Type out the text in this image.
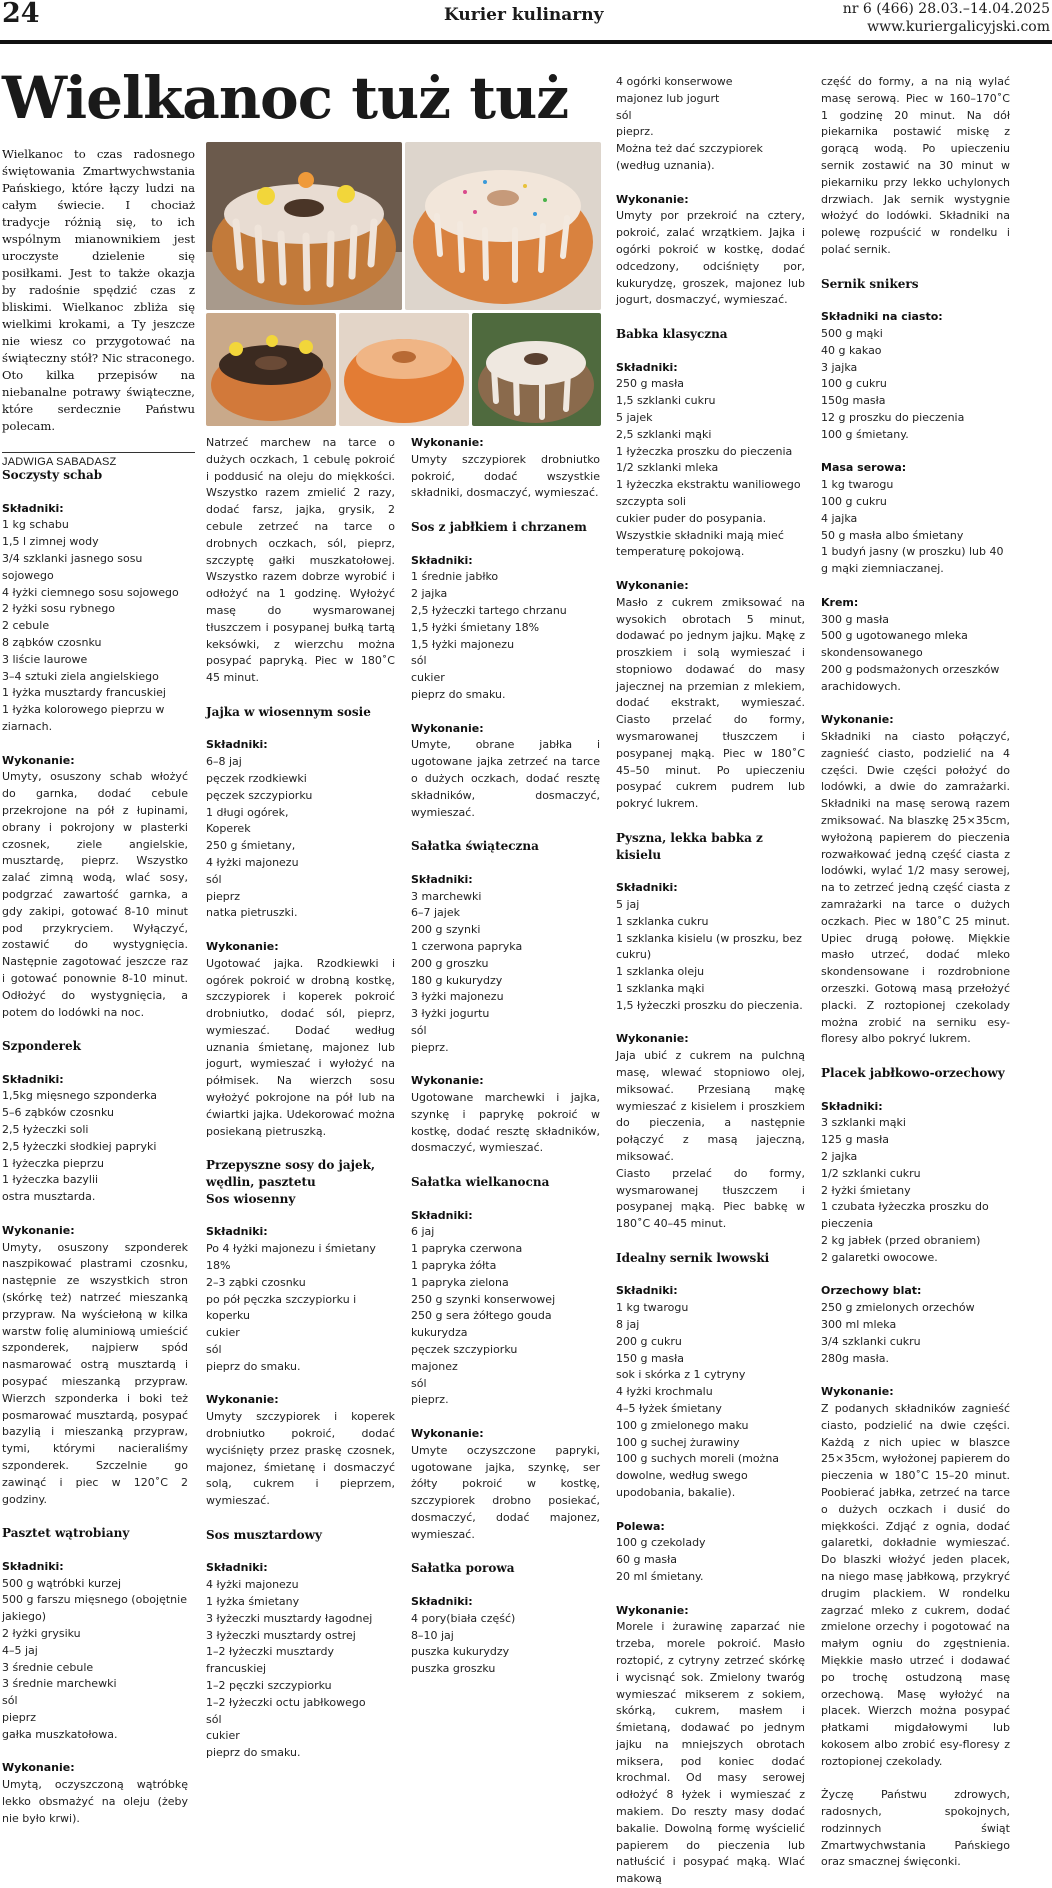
24	Kurier kulinarny	nr 6 (466) 28.03.–14.04.2025
www.kuriergalicyjski.com
Wielkanoc tuż tuż
Wielkanoc to czas radosnego świętowania Zmartwychwstania Pańskiego, które łączy ludzi na całym świecie. I chociaż tradycje różnią się, to ich wspólnym mianownikiem jest uroczyste dzielenie się posiłkami. Jest to także okazja by radośnie spędzić czas z bliskimi. Wielkanoc zbliża się wielkimi krokami, a Ty jeszcze nie wiesz co przygotować na świąteczny stół? Nic straconego. Oto kilka przepisów na niebanalne potrawy świąteczne, które serdecznie Państwu polecam.
JADWIGA SABADASZ

Soczysty schab

Składniki:

1 kg schabu

1,5 l zimnej wody

3/4 szklanki jasnego sosu sojowego

4 łyżki ciemnego sosu sojowego

2 łyżki sosu rybnego

2 cebule

8 ząbków czosnku

3 liście laurowe

3–4 sztuki ziela angielskiego

1 łyżka musztardy francuskiej

1 łyżka kolorowego pieprzu w ziarnach.

Wykonanie:

Umyty, osuszony schab włożyć do garnka, dodać cebule przekrojone na pół z łupinami, obrany i pokrojony w plasterki czosnek, ziele angielskie, musztardę, pieprz. Wszystko zalać zimną wodą, wlać sosy, podgrzać zawartość garnka, a gdy zakipi, gotować 8-10 minut pod przykryciem. Wyłączyć, zostawić do wystygnięcia. Następnie zagotować jeszcze raz i gotować ponownie 8-10 minut. Odłożyć do wystygnięcia, a potem do lodówki na noc.

Szponderek

Składniki:

1,5kg mięsnego szponderka

5–6 ząbków czosnku

2,5 łyżeczki soli

2,5 łyżeczki słodkiej papryki

1 łyżeczka pieprzu

1 łyżeczka bazylii

ostra musztarda.

Wykonanie:

Umyty, osuszony szponderek naszpikować plastrami czosnku, następnie ze wszystkich stron (skórkę też) natrzeć mieszanką przypraw. Na wyściełoną w kilka warstw folię aluminiową umieścić szponderek, najpierw spód nasmarować ostrą musztardą i posypać mieszanką przypraw. Wierzch szponderka i boki też posmarować musztardą, posypać bazylią i mieszanką przypraw, tymi, którymi nacieraliśmy szponderek. Szczelnie go zawinąć i piec w 120˚C 2 godziny.

Pasztet wątrobiany

Składniki:

500 g wątróbki kurzej

500 g farszu mięsnego (obojętnie jakiego)

2 łyżki grysiku

4–5 jaj

3 średnie cebule

3 średnie marchewki

sól

pieprz

gałka muszkatołowa.

Wykonanie:

Umytą, oczyszczoną wątróbkę lekko obsmażyć na oleju (żeby nie było krwi).

Natrzeć marchew na tarce o dużych oczkach, 1 cebulę pokroić i poddusić na oleju do miękkości. Wszystko razem zmielić 2 razy, dodać farsz, jajka, grysik, 2 cebule zetrzeć na tarce o drobnych oczkach, sól, pieprz, szczyptę gałki muszkatołowej. Wszystko razem dobrze wyrobić i odłożyć na 1 godzinę. Wyłożyć masę do wysmarowanej tłuszczem i posypanej bułką tartą keksówki, z wierzchu można posypać papryką. Piec w 180˚C 45 minut.

Jajka w wiosennym sosie

Składniki:

6–8 jaj

pęczek rzodkiewki

pęczek szczypiorku

1 długi ogórek,

Koperek

250 g śmietany,

4 łyżki majonezu

sól

pieprz

natka pietruszki.

Wykonanie:

Ugotować jajka. Rzodkiewki i ogórek pokroić w drobną kostkę, szczypiorek i koperek pokroić drobniutko, dodać sól, pieprz, wymieszać. Dodać według uznania śmietanę, majonez lub jogurt, wymieszać i wyłożyć na półmisek. Na wierzch sosu wyłożyć pokrojone na pół lub na ćwiartki jajka. Udekorować można posiekaną pietruszką.

Przepyszne sosy do jajek, wędlin, pasztetu

Sos wiosenny

Składniki:

Po 4 łyżki majonezu i śmietany 18%

2–3 ząbki czosnku

po pół pęczka szczypiorku i koperku

cukier

sól

pieprz do smaku.

Wykonanie:

Umyty szczypiorek i koperek drobniutko pokroić, dodać wyciśnięty przez praskę czosnek, majonez, śmietanę i dosmaczyć solą, cukrem i pieprzem, wymieszać.

Sos musztardowy

Składniki:

4 łyżki majonezu

1 łyżka śmietany

3 łyżeczki musztardy łagodnej

3 łyżeczki musztardy ostrej

1–2 łyżeczki musztardy francuskiej

1–2 pęczki szczypiorku

1–2 łyżeczki octu jabłkowego

sól

cukier

pieprz do smaku.

Wykonanie:

Umyty szczypiorek drobniutko pokroić, dodać wszystkie składniki, dosmaczyć, wymieszać.

Sos z jabłkiem i chrzanem

Składniki:

1 średnie jabłko

2 jajka

2,5 łyżeczki tartego chrzanu

1,5 łyżki śmietany 18%

1,5 łyżki majonezu

sól

cukier

pieprz do smaku.

Wykonanie:

Umyte, obrane jabłka i ugotowane jajka zetrzeć na tarce o dużych oczkach, dodać resztę składników, dosmaczyć, wymieszać.

Sałatka świąteczna

Składniki:

3 marchewki

6–7 jajek

200 g szynki

1 czerwona papryka

200 g groszku

180 g kukurydzy

3 łyżki majonezu

3 łyżki jogurtu

sól

pieprz.

Wykonanie:

Ugotowane marchewki i jajka, szynkę i paprykę pokroić w kostkę, dodać resztę składników, dosmaczyć, wymieszać.

Sałatka wielkanocna

Składniki:

6 jaj

1 papryka czerwona

1 papryka żółta

1 papryka zielona

250 g szynki konserwowej

250 g sera żółtego gouda

kukurydza

pęczek szczypiorku

majonez

sól

pieprz.

Wykonanie:

Umyte oczyszczone papryki, ugotowane jajka, szynkę, ser żółty pokroić w kostkę, szczypiorek drobno posiekać, dosmaczyć, dodać majonez, wymieszać.

Sałatka porowa

Składniki:

4 pory(biała część)

8–10 jaj

puszka kukurydzy

puszka groszku

4 ogórki konserwowe

majonez lub jogurt

sól

pieprz.

Można też dać szczypiorek (według uznania).

Wykonanie:

Umyty por przekroić na cztery, pokroić, zalać wrzątkiem. Jajka i ogórki pokroić w kostkę, dodać odcedzony, odciśnięty por, kukurydzę, groszek, majonez lub jogurt, dosmaczyć, wymieszać.

Babka klasyczna

Składniki:

250 g masła

1,5 szklanki cukru

5 jajek

2,5 szklanki mąki

1 łyżeczka proszku do pieczenia

1/2 szklanki mleka

1 łyżeczka ekstraktu waniliowego

szczypta soli

cukier puder do posypania.

Wszystkie składniki mają mieć temperaturę pokojową.

Wykonanie:

Masło z cukrem zmiksować na wysokich obrotach 5 minut, dodawać po jednym jajku. Mąkę z proszkiem i solą wymieszać i stopniowo dodawać do masy jajecznej na przemian z mlekiem, dodać ekstrakt, wymieszać. Ciasto przelać do formy, wysmarowanej tłuszczem i posypanej mąką. Piec w 180˚C 45–50 minut. Po upieczeniu posypać cukrem pudrem lub pokryć lukrem.

Pyszna, lekka babka z kisielu

Składniki:

5 jaj

1 szklanka cukru

1 szklanka kisielu (w proszku, bez cukru)

1 szklanka oleju

1 szklanka mąki

1,5 łyżeczki proszku do pieczenia.

Wykonanie:

Jaja ubić z cukrem na pulchną masę, wlewać stopniowo olej, miksować. Przesianą mąkę wymieszać z kisielem i proszkiem do pieczenia, a następnie połączyć z masą jajeczną, miksować.

Ciasto przelać do formy, wysmarowanej tłuszczem i posypanej mąką. Piec babkę w 180˚C 40–45 minut.

Idealny sernik lwowski

Składniki:

1 kg twarogu

8 jaj

200 g cukru

150 g masła

sok i skórka z 1 cytryny

4 łyżki krochmalu

4–5 łyżek śmietany

100 g zmielonego maku

100 g suchej żurawiny

100 g suchych moreli (można dowolne, według swego upodobania, bakalie).

Polewa:

100 g czekolady

60 g masła

20 ml śmietany.

Wykonanie:

Morele i żurawinę zaparzać nie trzeba, morele pokroić. Masło roztopić, z cytryny zetrzeć skórkę i wycisnąć sok. Zmielony twaróg wymieszać mikserem z sokiem, skórką, cukrem, masłem i śmietaną, dodawać po jednym jajku na mniejszych obrotach miksera, pod koniec dodać krochmal. Od masy serowej odłożyć 8 łyżek i wymieszać z makiem. Do reszty masy dodać bakalie. Dowolną formę wyścielić papierem do pieczenia lub natłuścić i posypać mąką. Wlać makową

część do formy, a na nią wylać masę serową. Piec w 160–170˚C 1 godzinę 20 minut. Na dół piekarnika postawić miskę z gorącą wodą. Po upieczeniu sernik zostawić na 30 minut w piekarniku przy lekko uchylonych drzwiach. Jak sernik wystygnie włożyć do lodówki. Składniki na polewę rozpuścić w rondelku i polać sernik.

Sernik snikers

Składniki na ciasto:

500 g mąki

40 g kakao

3 jajka

100 g cukru

150g masła

12 g proszku do pieczenia

100 g śmietany.

Masa serowa:

1 kg twarogu

100 g cukru

4 jajka

50 g masła albo śmietany

1 budyń jasny (w proszku) lub 40 g mąki ziemniaczanej.

Krem:

300 g masła

500 g ugotowanego mleka skondensowanego

200 g podsmażonych orzeszków arachidowych.

Wykonanie:

Składniki na ciasto połączyć, zagnieść ciasto, podzielić na 4 części. Dwie części położyć do lodówki, a dwie do zamrażarki. Składniki na masę serową razem zmiksować. Na blaszkę 25×35cm, wyłożoną papierem do pieczenia rozwałkować jedną część ciasta z lodówki, wylać 1/2 masy serowej, na to zetrzeć jedną część ciasta z zamrażarki na tarce o dużych oczkach. Piec w 180˚C 25 minut. Upiec drugą połowę. Miękkie masło utrzeć, dodać mleko skondensowane i rozdrobnione orzeszki. Gotową masą przełożyć placki. Z roztopionej czekolady można zrobić na serniku esy-floresy albo pokryć lukrem.

Placek jabłkowo-orzechowy

Składniki:

3 szklanki mąki

125 g masła

2 jajka

1/2 szklanki cukru

2 łyżki śmietany

1 czubata łyżeczka proszku do pieczenia

2 kg jabłek (przed obraniem)

2 galaretki owocowe.

Orzechowy blat:

250 g zmielonych orzechów

300 ml mleka

3/4 szklanki cukru

280g masła.

Wykonanie:

Z podanych składników zagnieść ciasto, podzielić na dwie części. Każdą z nich upiec w blaszce 25×35cm, wyłożonej papierem do pieczenia w 180˚C 15–20 minut. Poobierać jabłka, zetrzeć na tarce o dużych oczkach i dusić do miękkości. Zdjąć z ognia, dodać galaretki, dokładnie wymieszać. Do blaszki włożyć jeden placek, na niego masę jabłkową, przykryć drugim plackiem. W rondelku zagrzać mleko z cukrem, dodać zmielone orzechy i pogotować na małym ogniu do zgęstnienia. Miękkie masło utrzeć i dodawać po trochę ostudzoną masę orzechową. Masę wyłożyć na placek. Wierzch można posypać płatkami migdałowymi lub kokosem albo zrobić esy-floresy z roztopionej czekolady.

Życzę Państwu zdrowych, radosnych, spokojnych, rodzinnych świąt Zmartwychwstania Pańskiego oraz smacznej święconki.
